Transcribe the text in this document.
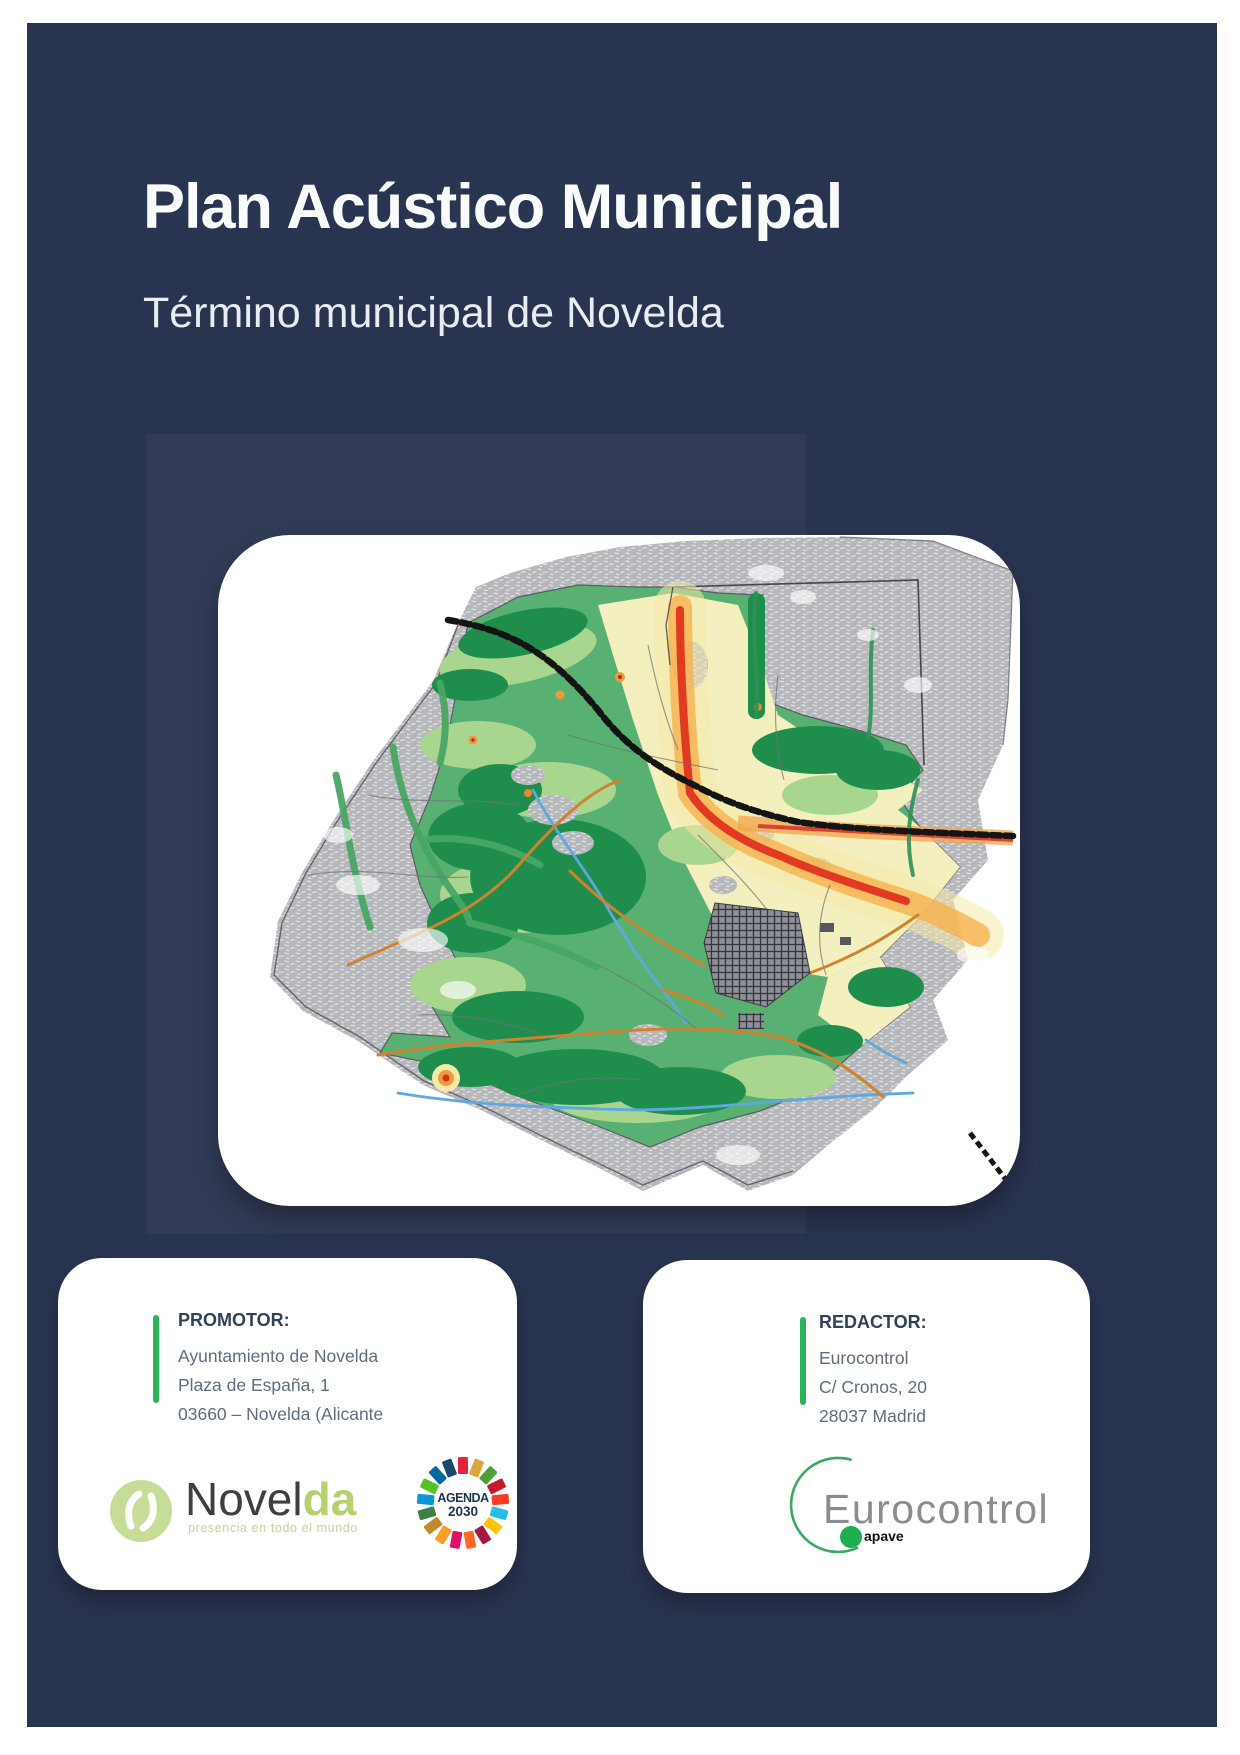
Plan Acústico Municipal
Término municipal de Novelda

PROMOTOR:

Ayuntamiento de Novelda
Plaza de España, 1
03660 – Novelda (Alicante
Novelda
presencia en todo el mundo
AGENDA
2030

REDACTOR:

Eurocontrol
C/ Cronos, 20
28037 Madrid
Eurocontrol
apave
